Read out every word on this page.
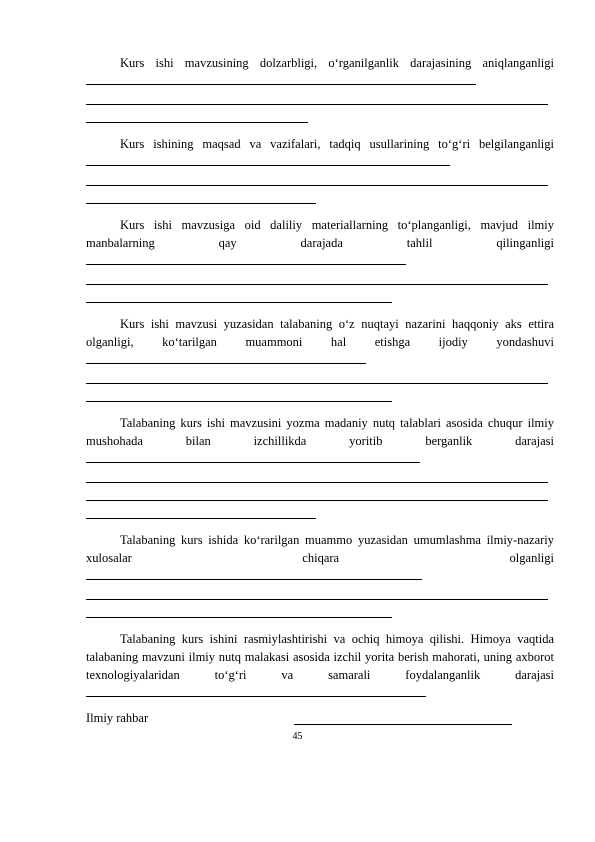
Kurs ishi mavzusining dolzarbligi, o‘rganilganlik darajasining aniqlanganligi

Kurs ishining maqsad va vazifalari, tadqiq usullarining to‘g‘ri belgilanganligi

Kurs ishi mavzusiga oid daliliy materiallarning to‘planganligi, mavjud ilmiy manbalarning qay darajada tahlil qilinganligi

Kurs ishi mavzusi yuzasidan talabaning o‘z nuqtayi nazarini haqqoniy aks ettira olganligi, ko‘tarilgan muammoni hal etishga ijodiy yondashuvi

Talabaning kurs ishi mavzusini yozma madaniy nutq talablari asosida chuqur ilmiy mushohada bilan izchillikda yoritib berganlik darajasi

Talabaning kurs ishida ko‘rarilgan muammo yuzasidan umumlashma ilmiy-nazariy xulosalar chiqara olganligi

Talabaning kurs ishini rasmiylashtirishi va ochiq himoya qilishi. Himoya vaqtida talabaning mavzuni ilmiy nutq malakasi asosida izchil yorita berish mahorati, uning axborot texnologiyalaridan to‘g‘ri va samarali foydalanganlik darajasi

Ilmiy rahbar
45
